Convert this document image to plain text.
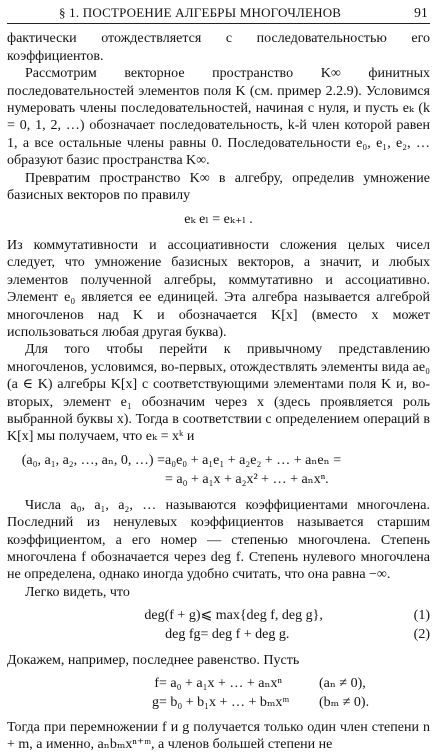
§ 1. ПОСТРОЕНИЕ АЛГЕБРЫ МНОГОЧЛЕНОВ	91

фактически отождествляется с последовательностью его коэффициентов.

Рассмотрим векторное пространство K∞ финитных последовательностей элементов поля K (см. пример 2.2.9). Условимся нумеровать члены последовательностей, начиная с нуля, и пусть eₖ (k = 0, 1, 2, …) обозначает последовательность, k-й член которой равен 1, а все остальные члены равны 0. Последовательности e₀, e₁, e₂, … образуют базис пространства K∞.

Превратим пространство K∞ в алгебру, определив умножение базисных векторов по правилу

eₖ eₗ = eₖ₊ₗ .

Из коммутативности и ассоциативности сложения целых чисел следует, что умножение базисных векторов, а значит, и любых элементов полученной алгебры, коммутативно и ассоциативно. Элемент e₀ является ее единицей. Эта алгебра называется алгеброй многочленов над K и обозначается K[x] (вместо x может использоваться любая другая буква).

Для того чтобы перейти к привычному представлению многочленов, условимся, во-первых, отождествлять элементы вида ae₀ (a ∈ K) алгебры K[x] с соответствующими элементами поля K и, во-вторых, элемент e₁ обозначим через x (здесь проявляется роль выбранной буквы x). Тогда в соответствии с определением операций в K[x] мы получаем, что eₖ = xᵏ и

(a₀, a₁, a₂, …, aₙ, 0, …) = a₀e₀ + a₁e₁ + a₂e₂ + … + aₙeₙ =
= a₀ + a₁x + a₂x² + … + aₙxⁿ.

Числа a₀, a₁, a₂, … называются коэффициентами многочлена. Последний из ненулевых коэффициентов называется старшим коэффициентом, а его номер — степенью многочлена. Степень многочлена f обозначается через deg f. Степень нулевого многочлена не определена, однако иногда удобно считать, что она равна −∞.

Легко видеть, что

deg(f + g) ⩽ max{deg f, deg g},	(1)
deg fg = deg f + deg g.	(2)

Докажем, например, последнее равенство. Пусть

f = a₀ + a₁x + … + aₙxⁿ	(aₙ ≠ 0),
g = b₀ + b₁x + … + bₘxᵐ	(bₘ ≠ 0).

Тогда при перемножении f и g получается только один член степени n + m, а именно, aₙbₘxⁿ⁺ᵐ, а членов большей степени не
